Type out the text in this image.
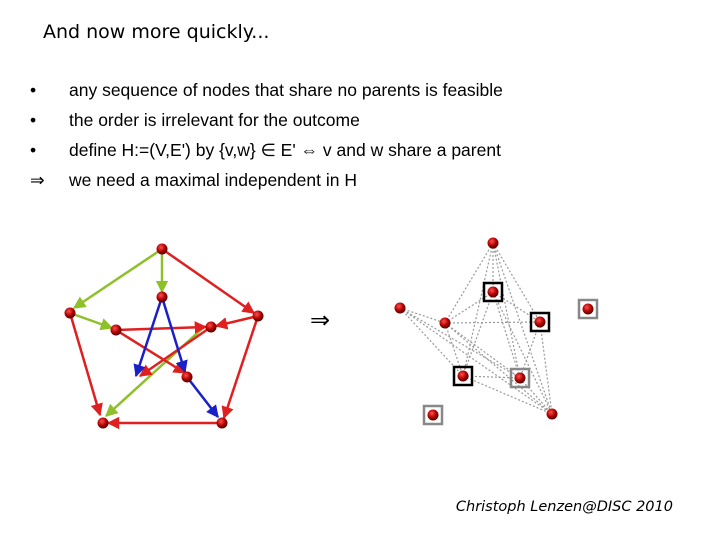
And now more quickly...
•	any sequence of nodes that share no parents is feasible
•	the order is irrelevant for the outcome
•	define H:=(V,E') by {v,w} ∈ E' ⇔ v and w share a parent
⇒	we need a maximal independent in H
⇒
Christoph Lenzen@DISC 2010
